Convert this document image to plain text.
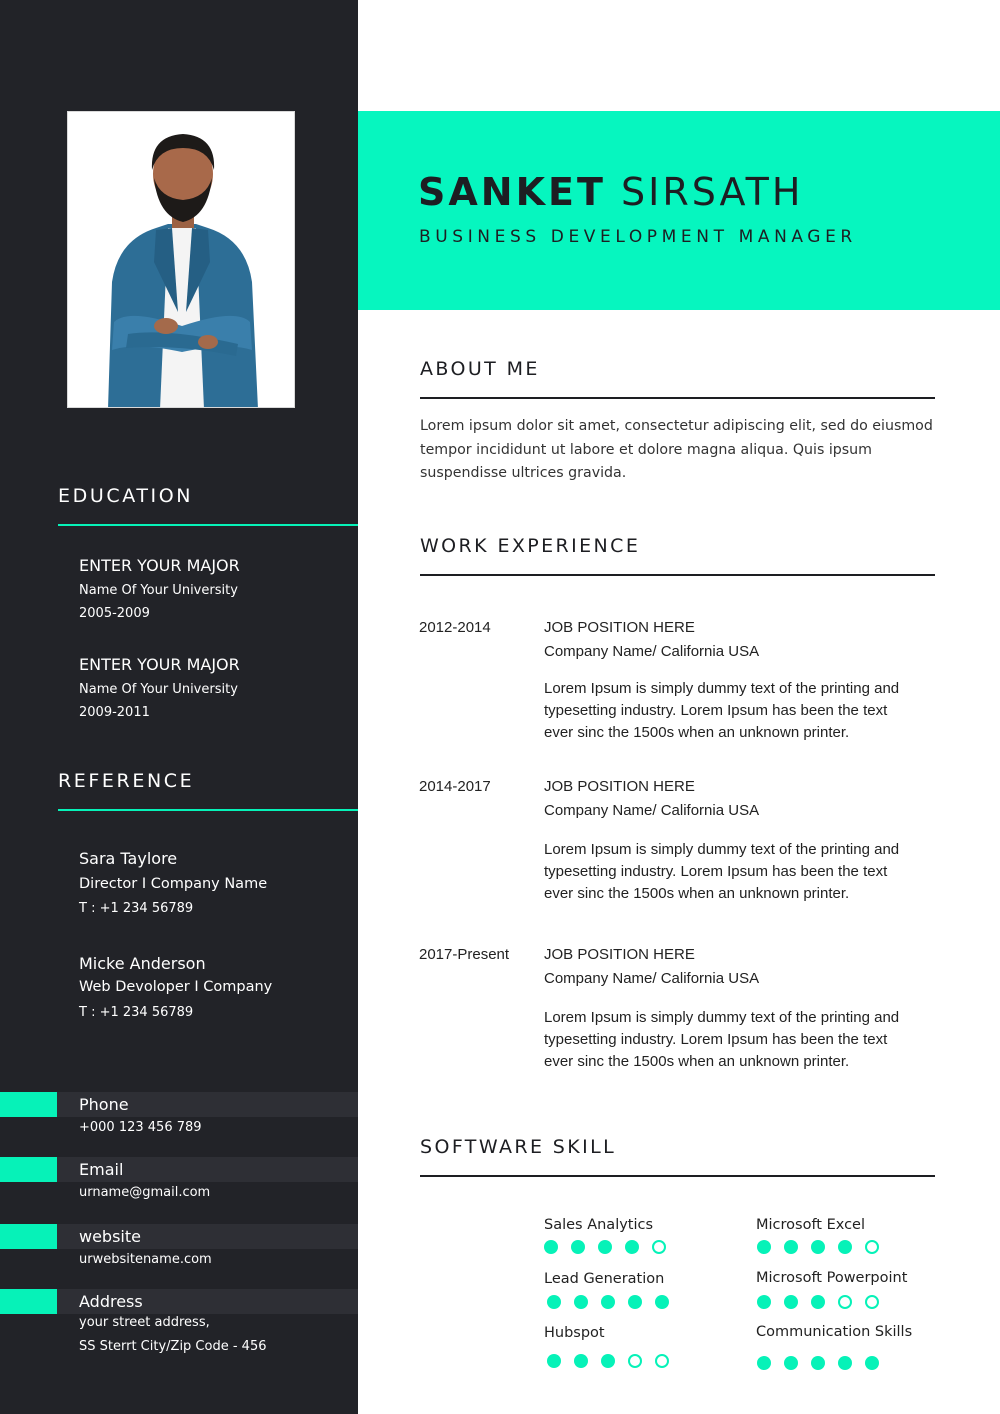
EDUCATION
ENTER YOUR MAJOR
Name Of Your University
2005-2009
ENTER YOUR MAJOR
Name Of Your University
2009-2011
REFERENCE
Sara Taylore
Director I Company Name
T : +1 234 56789
Micke Anderson
Web Devoloper I Company
T : +1 234 56789
Phone
+000 123 456 789
Email
urname@gmail.com
website
urwebsitename.com
Address
your street address,
SS Sterrt City/Zip Code - 456
SANKET SIRSATH
BUSINESS DEVELOPMENT MANAGER
ABOUT ME
Lorem ipsum dolor sit amet, consectetur adipiscing elit, sed do eiusmod tempor incididunt ut labore et dolore magna aliqua. Quis ipsum suspendisse ultrices gravida.
WORK EXPERIENCE
2012-2014	JOB POSITION HERE
Company Name/ California USA
Lorem Ipsum is simply dummy text of the printing and typesetting industry. Lorem Ipsum has been the text ever sinc the 1500s when an unknown printer.
2014-2017	JOB POSITION HERE
Company Name/ California USA
Lorem Ipsum is simply dummy text of the printing and typesetting industry. Lorem Ipsum has been the text ever sinc the 1500s when an unknown printer.
2017-Present JOB POSITION HERE
Company Name/ California USA
Lorem Ipsum is simply dummy text of the printing and typesetting industry. Lorem Ipsum has been the text ever sinc the 1500s when an unknown printer.
SOFTWARE SKILL
Sales Analytics	Microsoft Excel
Lead Generation	Microsoft Powerpoint
Hubspot	Communication Skills
